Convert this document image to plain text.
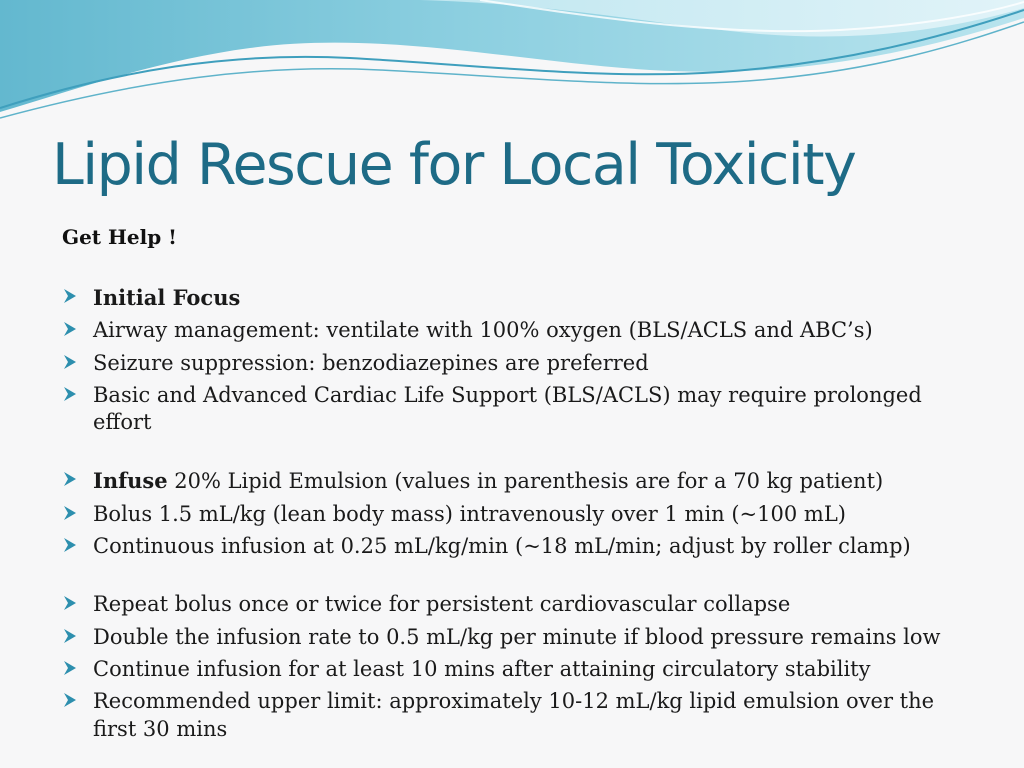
Lipid Rescue for Local Toxicity
Get Help !
Initial Focus
Airway management: ventilate with 100% oxygen (BLS/ACLS and ABC’s)
Seizure suppression: benzodiazepines are preferred
Basic and Advanced Cardiac Life Support (BLS/ACLS) may require prolonged effort
Infuse 20% Lipid Emulsion (values in parenthesis are for a 70 kg patient)
Bolus 1.5 mL/kg (lean body mass) intravenously over 1 min (~100 mL)
Continuous infusion at 0.25 mL/kg/min (~18 mL/min; adjust by roller clamp)
Repeat bolus once or twice for persistent cardiovascular collapse
Double the infusion rate to 0.5 mL/kg per minute if blood pressure remains low
Continue infusion for at least 10 mins after attaining circulatory stability
Recommended upper limit: approximately 10-12 mL/kg lipid emulsion over the first 30 mins
